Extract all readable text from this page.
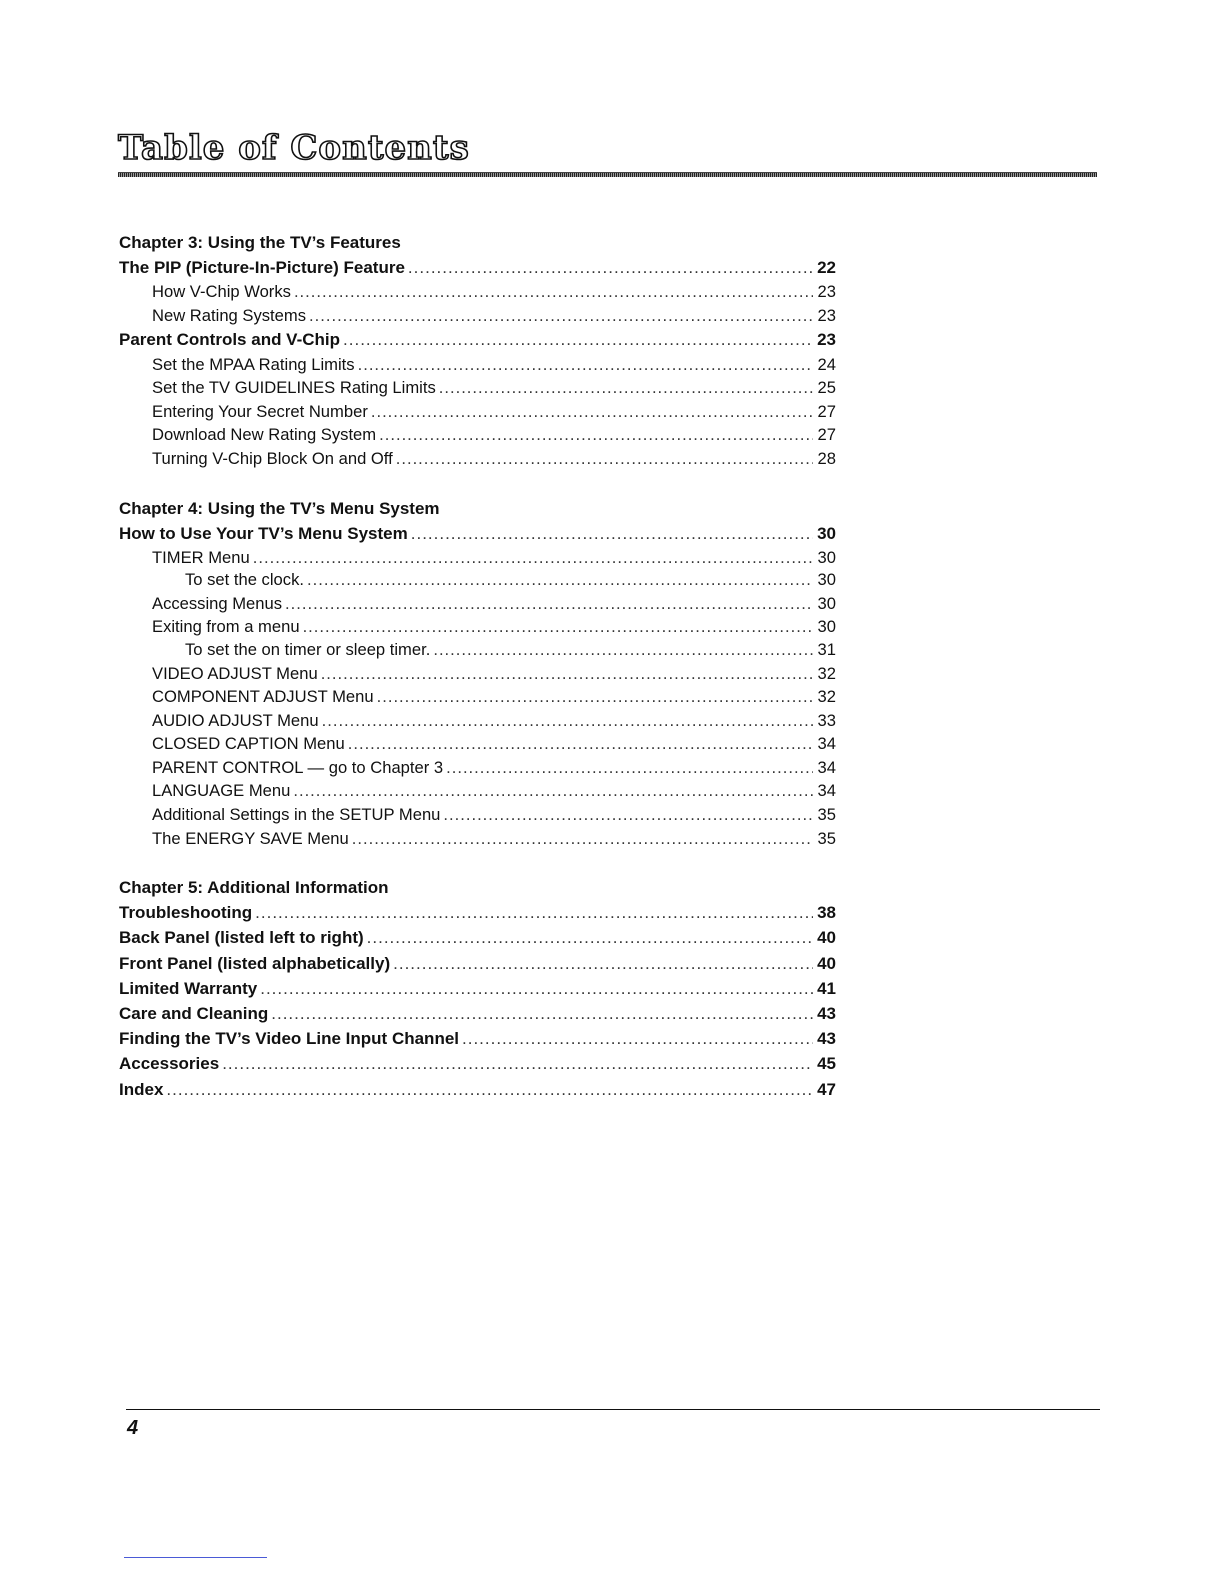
Table of Contents
Chapter 3: Using the TV’s Features
The PIP (Picture-In-Picture) Feature .....	22
How V-Chip Works .....	23
New Rating Systems .....	23
Parent Controls and V-Chip .....	23
Set the MPAA Rating Limits .....	24
Set the TV GUIDELINES Rating Limits .....	25
Entering Your Secret Number .....	27
Download New Rating System .....	27
Turning V-Chip Block On and Off .....	28
Chapter 4: Using the TV’s Menu System
How to Use Your TV’s Menu System .....	30
TIMER Menu .....	30
To set the clock. .....	30
Accessing Menus .....	30
Exiting from a menu .....	30
To set the on timer or sleep timer. .....	31
VIDEO ADJUST Menu .....	32
COMPONENT ADJUST Menu .....	32
AUDIO ADJUST Menu .....	33
CLOSED CAPTION Menu .....	34
PARENT CONTROL — go to Chapter 3 .....	34
LANGUAGE Menu .....	34
Additional Settings in the SETUP Menu .....	35
The ENERGY SAVE Menu .....	35
Chapter 5: Additional Information
Troubleshooting .....	38
Back Panel (listed left to right) .....	40
Front Panel (listed alphabetically) .....	40
Limited Warranty .....	41
Care and Cleaning .....	43
Finding the TV’s Video Line Input Channel .....	43
Accessories .....	45
Index .....	47
4
